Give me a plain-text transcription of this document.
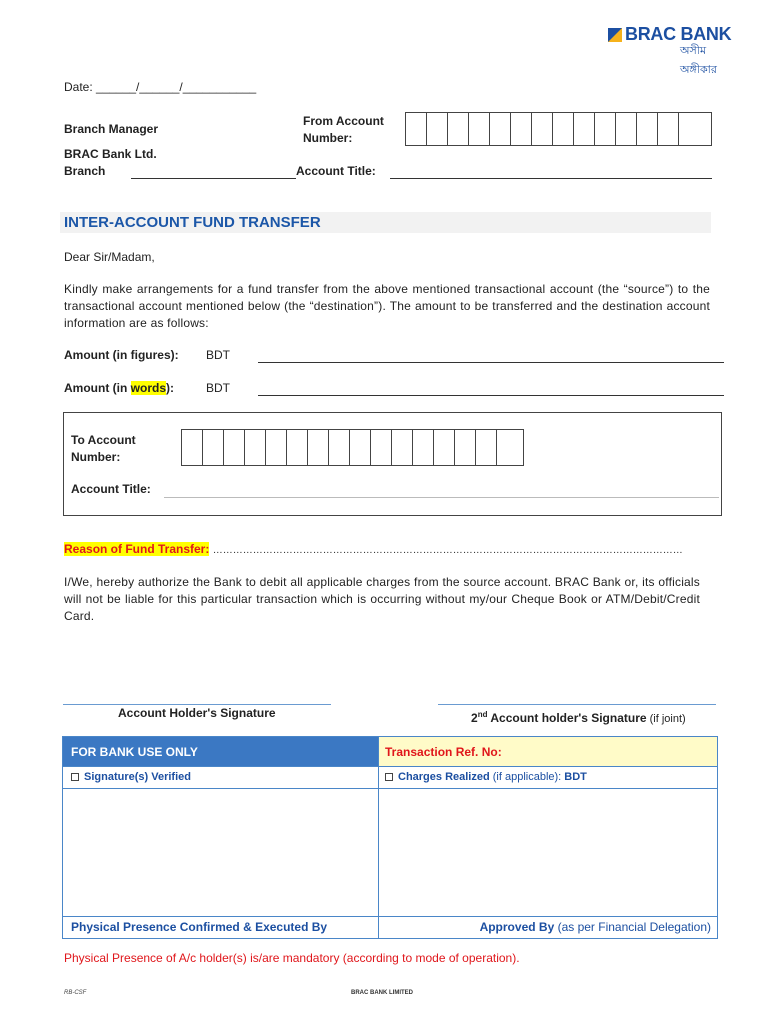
BRAC BANK
অসীম অঙ্গীকার
Date: ______/______/___________
Branch Manager
BRAC Bank Ltd.
Branch
From Account
Number:
Account Title:
INTER-ACCOUNT FUND TRANSFER
Dear Sir/Madam,
Kindly make arrangements for a fund transfer from the above mentioned transactional account (the “source”) to the transactional account mentioned below (the “destination”). The amount to be transferred and the destination account information are as follows:
Amount (in figures): BDT
Amount (in words):	BDT
To Account
Number:
Account Title:
Reason of Fund Transfer: ……………………………………………………………………………………………………………………………
I/We, hereby authorize the Bank to debit all applicable charges from the source account. BRAC Bank or, its officials will not be liable for this particular transaction which is occurring without my/our Cheque Book or ATM/Debit/Credit Card.
Account Holder's Signature	2nd Account holder's Signature (if joint)
FOR BANK USE ONLY	Transaction Ref. No:
Signature(s) Verified	Charges Realized (if applicable): BDT

Physical Presence Confirmed & Executed By	Approved By (as per Financial Delegation)
Physical Presence of A/c holder(s) is/are mandatory (according to mode of operation).
RB-CSF	BRAC BANK LIMITED
